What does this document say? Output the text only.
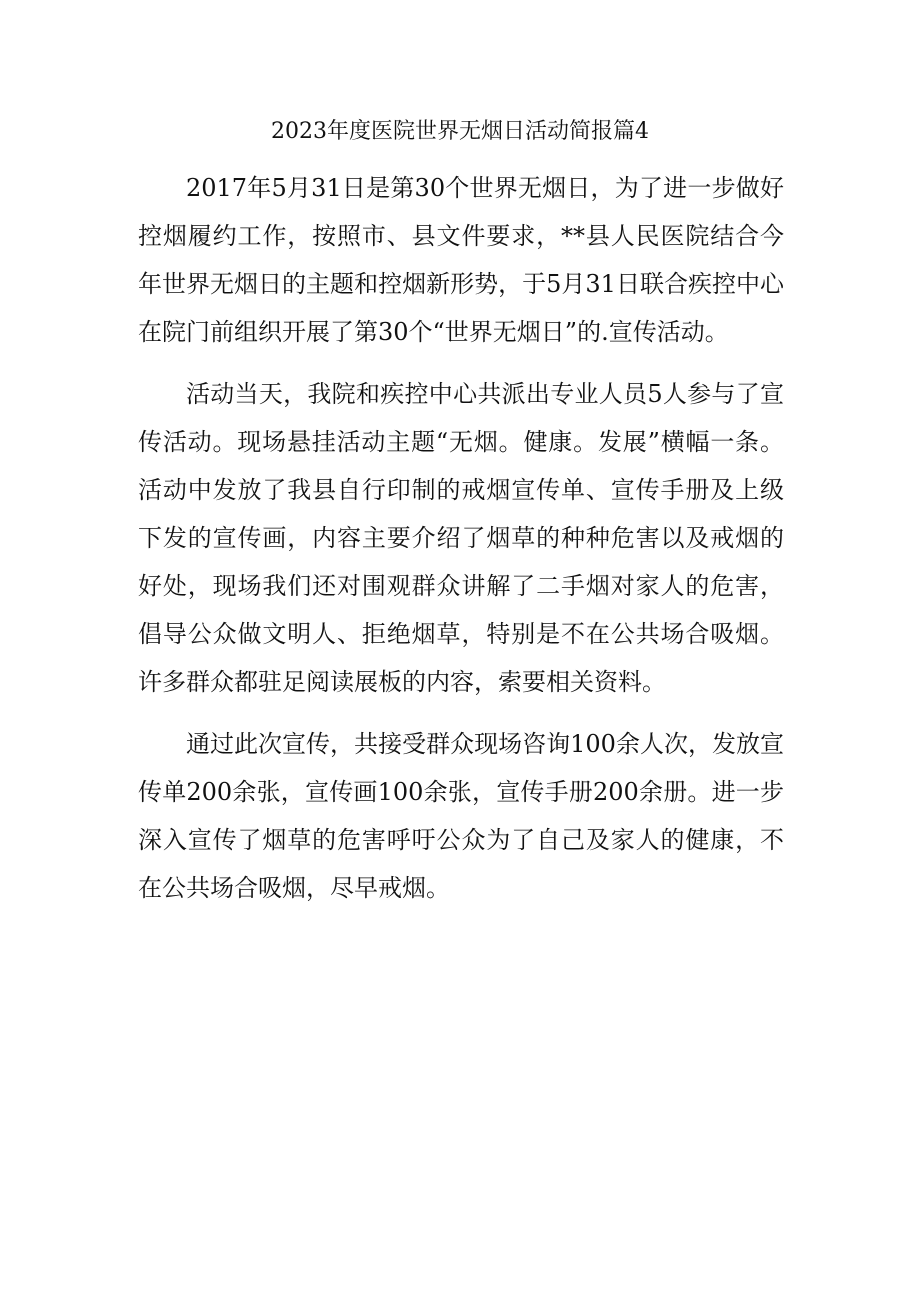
2023年度医院世界无烟日活动简报篇4

2017年5月31日是第30个世界无烟日，为了进一步做好控烟履约工作，按照市、县文件要求，**县人民医院结合今年世界无烟日的主题和控烟新形势，于5月31日联合疾控中心在院门前组织开展了第30个“世界无烟日”的.宣传活动。

活动当天，我院和疾控中心共派出专业人员5人参与了宣传活动。现场悬挂活动主题“无烟。健康。发展”横幅一条。活动中发放了我县自行印制的戒烟宣传单、宣传手册及上级下发的宣传画，内容主要介绍了烟草的种种危害以及戒烟的好处，现场我们还对围观群众讲解了二手烟对家人的危害，倡导公众做文明人、拒绝烟草，特别是不在公共场合吸烟。许多群众都驻足阅读展板的内容，索要相关资料。

通过此次宣传，共接受群众现场咨询100余人次，发放宣传单200余张，宣传画100余张，宣传手册200余册。进一步深入宣传了烟草的危害呼吁公众为了自己及家人的健康，不在公共场合吸烟，尽早戒烟。
